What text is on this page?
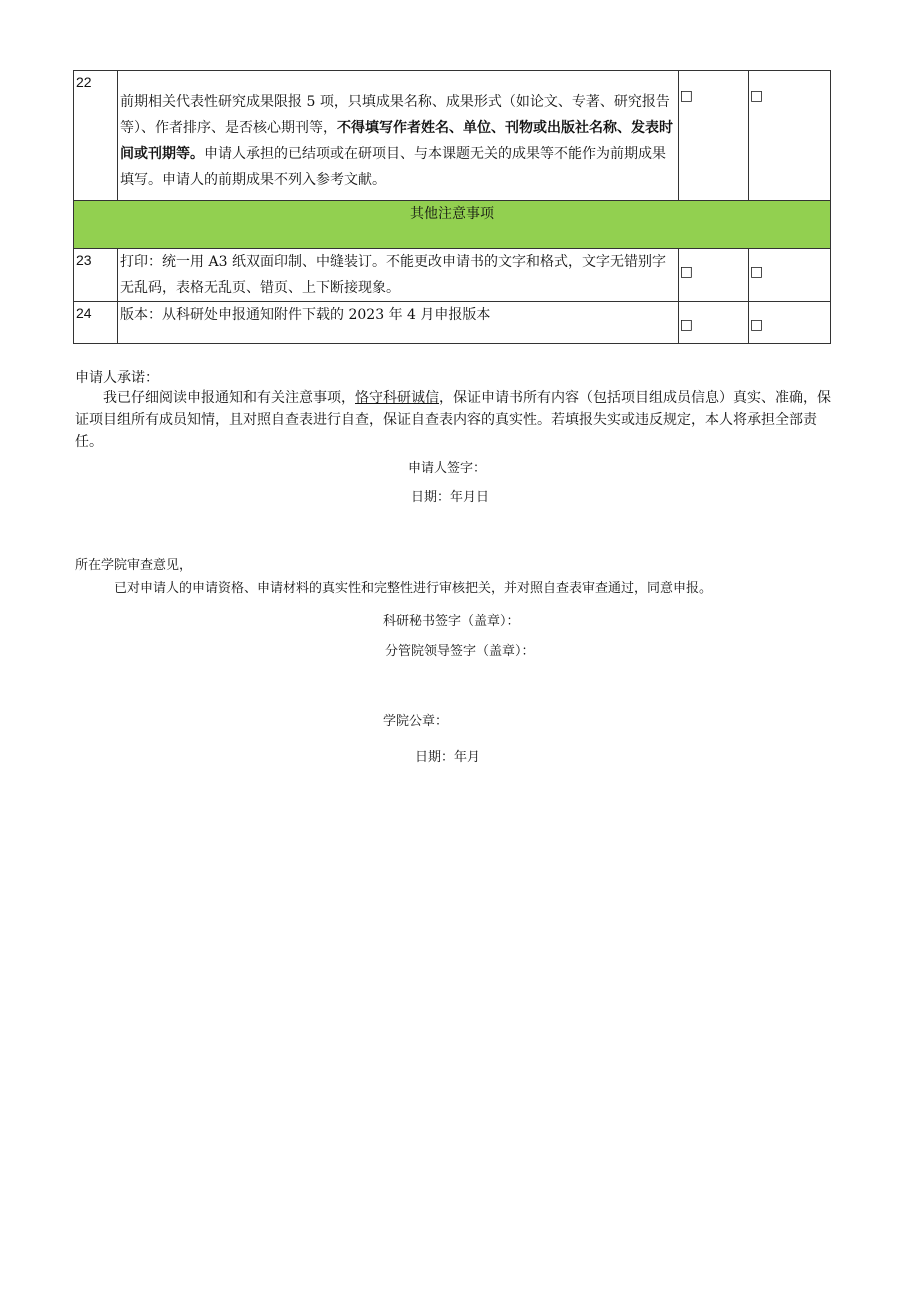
22	前期相关代表性研究成果限报 5 项，只填成果名称、成果形式（如论文、专著、研究报告等）、作者排序、是否核心期刊等，不得填写作者姓名、单位、刊物或出版社名称、发表时间或刊期等。申请人承担的已结项或在研项目、与本课题无关的成果等不能作为前期成果填写。申请人的前期成果不列入参考文献。	□	□
其他注意事项			
23	打印：统一用 A3 纸双面印制、中缝装订。不能更改申请书的文字和格式，文字无错别字无乱码，表格无乱页、错页、上下断接现象。	□	□
24	版本：从科研处申报通知附件下载的 2023 年 4 月申报版本	□	□
申请人承诺：
我已仔细阅读申报通知和有关注意事项，恪守科研诚信，保证申请书所有内容（包括项目组成员信息）真实、准确，保证项目组所有成员知情，且对照自查表进行自查，保证自查表内容的真实性。若填报失实或违反规定，本人将承担全部责任。
申请人签字：
日期：年月日
所在学院审查意见，
已对申请人的申请资格、申请材料的真实性和完整性进行审核把关，并对照自查表审查通过，同意申报。
科研秘书签字（盖章）：
分管院领导签字（盖章）：
学院公章：
日期：年月
